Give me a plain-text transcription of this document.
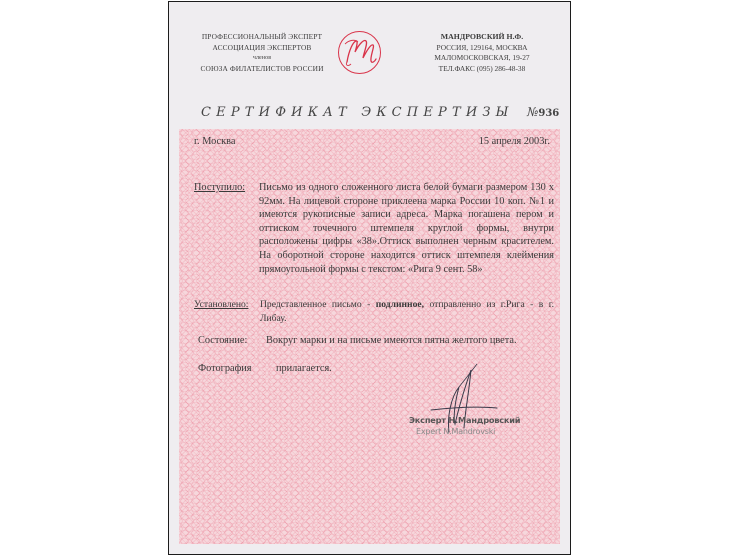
ПРОФЕССИОНАЛЬНЫЙ ЭКСПЕРТ
АССОЦИАЦИЯ ЭКСПЕРТОВ
членов
СОЮЗА ФИЛАТЕЛИСТОВ РОССИИ
МАНДРОВСКИЙ Н.Ф.
РОССИЯ, 129164, МОСКВА
МАЛОМОСКОВСКАЯ, 19-27
ТЕЛ.ФАКС (095) 286-48-38
СЕРТИФИКАТ ЭКСПЕРТИЗЫ №936
г. Москва	15 апреля 2003г.
Поступило: Письмо из одного сложенного листа белой бумаги размером 130 х 92мм. На лицевой стороне приклеена марка России 10 коп. №1 и имеются рукописные записи адреса. Марка погашена пером и оттиском точечного штемпеля круглой формы, внутри расположены цифры «38».Оттиск выполнен черным красителем. На оборотной стороне находится оттиск штемпеля клеймения прямоугольной формы с текстом: «Рига 9 сент. 58»
Установлено: Представленное письмо - подлинное, отправленно из г.Рига - в г. Либау.
Состояние: Вокруг марки и на письме имеются пятна желтого цвета.
Фотография прилагается.
Эксперт Н.Мандровский
Expert N.Mandrovski
